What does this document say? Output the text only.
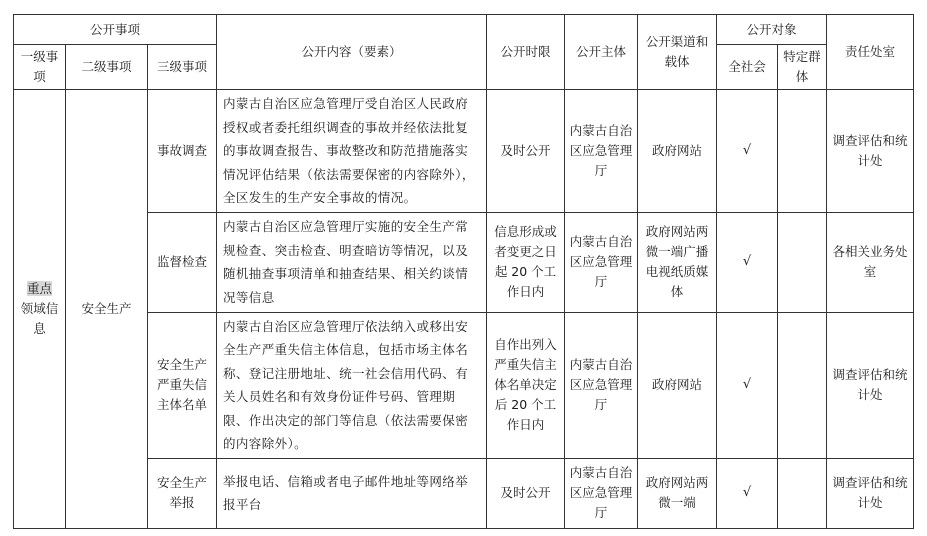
公开事项			公开内容（要素）	公开时限	公开主体	公开渠道和载体	公开对象		责任处室
一级事项	二级事项	三级事项					全社会	特定群体	
重点
领域信息	安全生产	事故调查	内蒙古自治区应急管理厅受自治区人民政府授权或者委托组织调查的事故并经依法批复的事故调查报告、事故整改和防范措施落实情况评估结果（依法需要保密的内容除外），全区发生的生产安全事故的情况。	及时公开	内蒙古自治区应急管理厅	政府网站	√		调查评估和统计处
		监督检查	内蒙古自治区应急管理厅实施的安全生产常规检查、突击检查、明查暗访等情况，以及随机抽查事项清单和抽查结果、相关约谈情况等信息	信息形成或者变更之日起 20 个工作日内	内蒙古自治区应急管理厅	政府网站两微一端广播电视纸质媒体	√		各相关业务处室
		安全生产严重失信主体名单	内蒙古自治区应急管理厅依法纳入或移出安全生产严重失信主体信息，包括市场主体名称、登记注册地址、统一社会信用代码、有关人员姓名和有效身份证件号码、管理期限、作出决定的部门等信息（依法需要保密的内容除外）。	自作出列入严重失信主体名单决定后 20 个工作日内	内蒙古自治区应急管理厅	政府网站	√		调查评估和统计处
		安全生产举报	举报电话、信箱或者电子邮件地址等网络举报平台	及时公开	内蒙古自治区应急管理厅	政府网站两微一端	√		调查评估和统计处
